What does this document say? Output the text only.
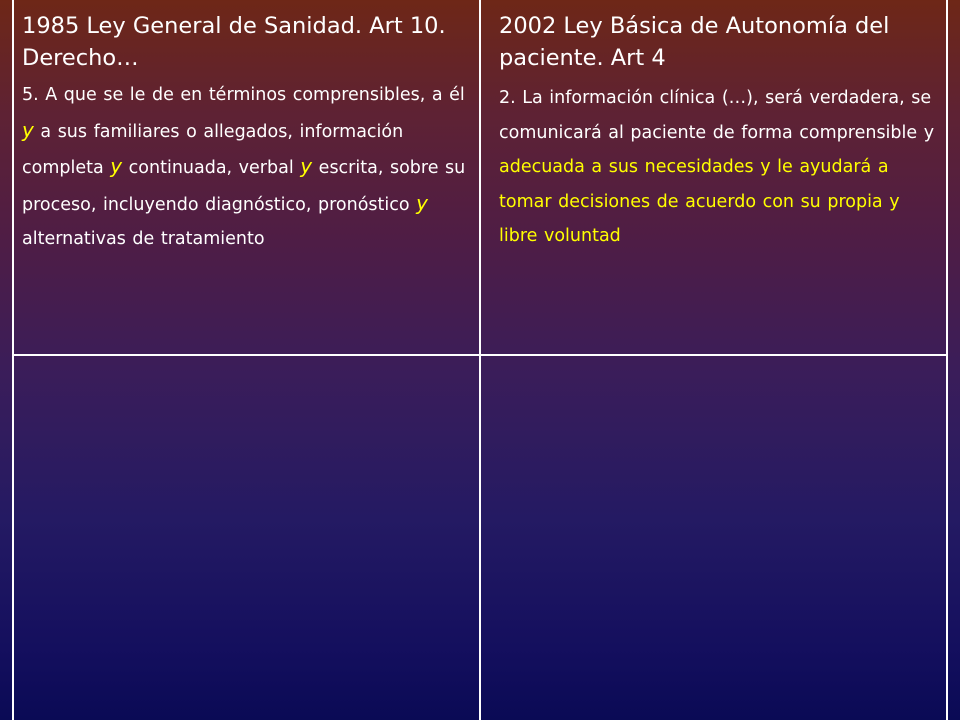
1985 Ley General de Sanidad. Art 10. Derecho…

5. A que se le de en términos comprensibles, a él y a sus familiares o allegados, información completa y continuada, verbal y escrita, sobre su proceso, incluyendo diagnóstico, pronóstico y alternativas de tratamiento

2002 Ley Básica de Autonomía del paciente. Art 4

2. La información clínica (…), será verdadera, se comunicará al paciente de forma comprensible y adecuada a sus necesidades y le ayudará a tomar decisiones de acuerdo con su propia y libre voluntad
